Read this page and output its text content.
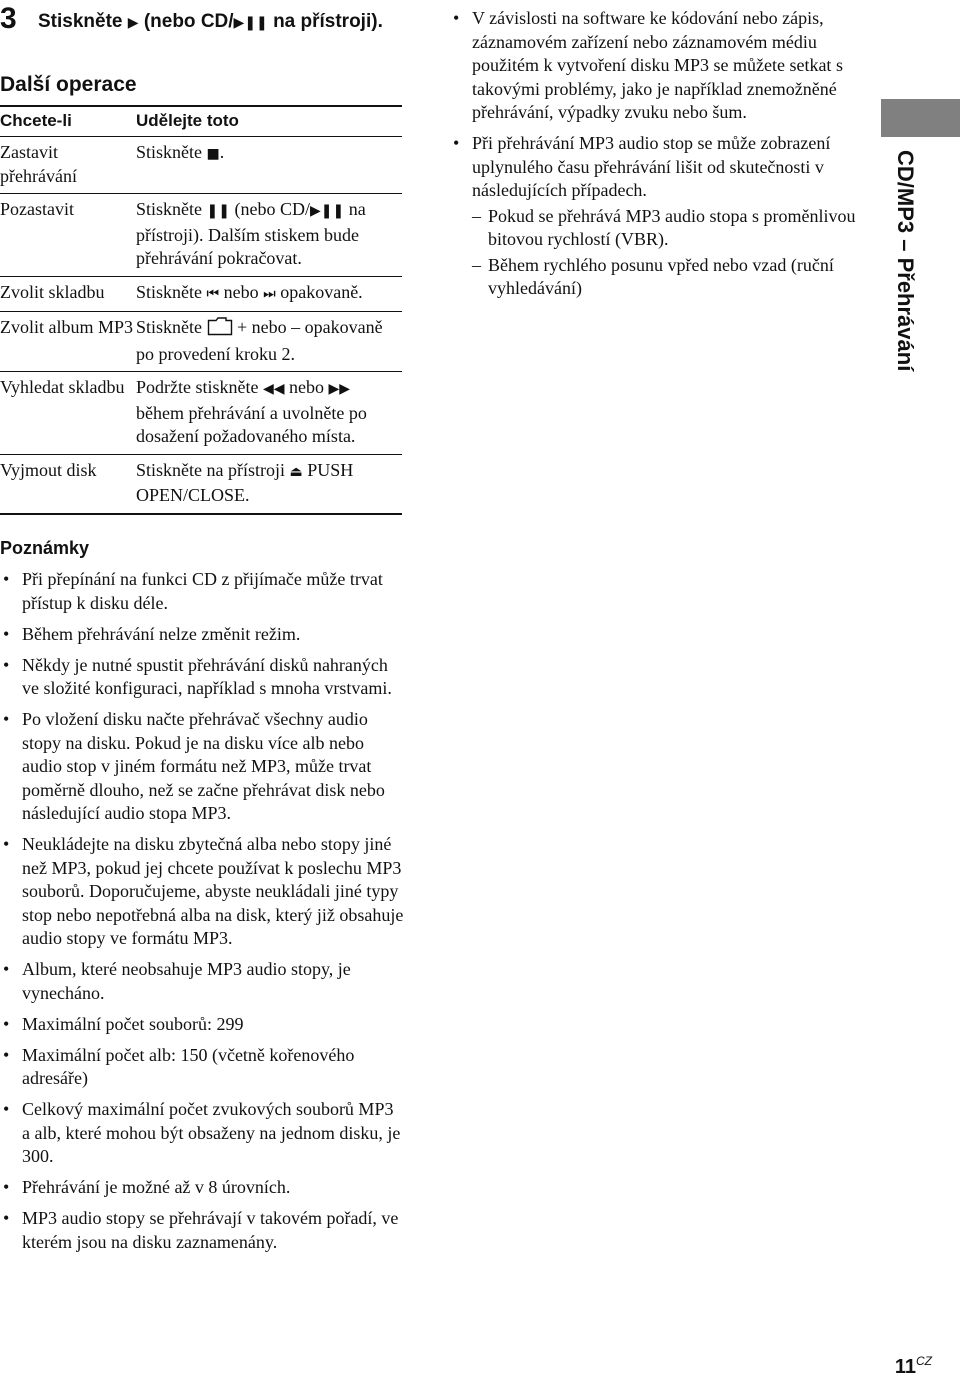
3 Stiskněte ▶ (nebo CD/▶❚❚ na přístroji).
Další operace
Chcete-li	Udělejte toto
Zastavit přehrávání	Stiskněte ■.
Pozastavit	Stiskněte ❚❚ (nebo CD/▶❚❚ na přístroji). Dalším stiskem bude přehrávání pokračovat.
Zvolit skladbu	Stiskněte ⏮ nebo ⏭ opakovaně.
Zvolit album MP3	Stiskněte + nebo – opakovaně po provedení kroku 2.
Vyhledat skladbu	Podržte stiskněte ◀◀ nebo ▶▶ během přehrávání a uvolněte po dosažení požadovaného místa.
Vyjmout disk	Stiskněte na přístroji ⏏ PUSH OPEN/CLOSE.
Poznámky
• Při přepínání na funkci CD z přijímače může trvat přístup k disku déle.
• Během přehrávání nelze změnit režim.
• Někdy je nutné spustit přehrávání disků nahraných ve složité konfiguraci, například s mnoha vrstvami.
• Po vložení disku načte přehrávač všechny audio stopy na disku. Pokud je na disku více alb nebo audio stop v jiném formátu než MP3, může trvat poměrně dlouho, než se začne přehrávat disk nebo následující audio stopa MP3.
• Neukládejte na disku zbytečná alba nebo stopy jiné než MP3, pokud jej chcete používat k poslechu MP3 souborů. Doporučujeme, abyste neukládali jiné typy stop nebo nepotřebná alba na disk, který již obsahuje audio stopy ve formátu MP3.
• Album, které neobsahuje MP3 audio stopy, je vynecháno.
• Maximální počet souborů: 299
• Maximální počet alb: 150 (včetně kořenového adresáře)
• Celkový maximální počet zvukových souborů MP3 a alb, které mohou být obsaženy na jednom disku, je 300.
• Přehrávání je možné až v 8 úrovních.
• MP3 audio stopy se přehrávají v takovém pořadí, ve kterém jsou na disku zaznamenány.
• V závislosti na software ke kódování nebo zápis, záznamovém zařízení nebo záznamovém médiu použitém k vytvoření disku MP3 se můžete setkat s takovými problémy, jako je například znemožněné přehrávání, výpadky zvuku nebo šum.
• Při přehrávání MP3 audio stop se může zobrazení uplynulého času přehrávání lišit od skutečnosti v následujících případech.
– Pokud se přehrává MP3 audio stopa s proměnlivou bitovou rychlostí (VBR).
– Během rychlého posunu vpřed nebo vzad (ruční vyhledávání)	CD/MP3 – Přehrávání
$11^{CZ}$
